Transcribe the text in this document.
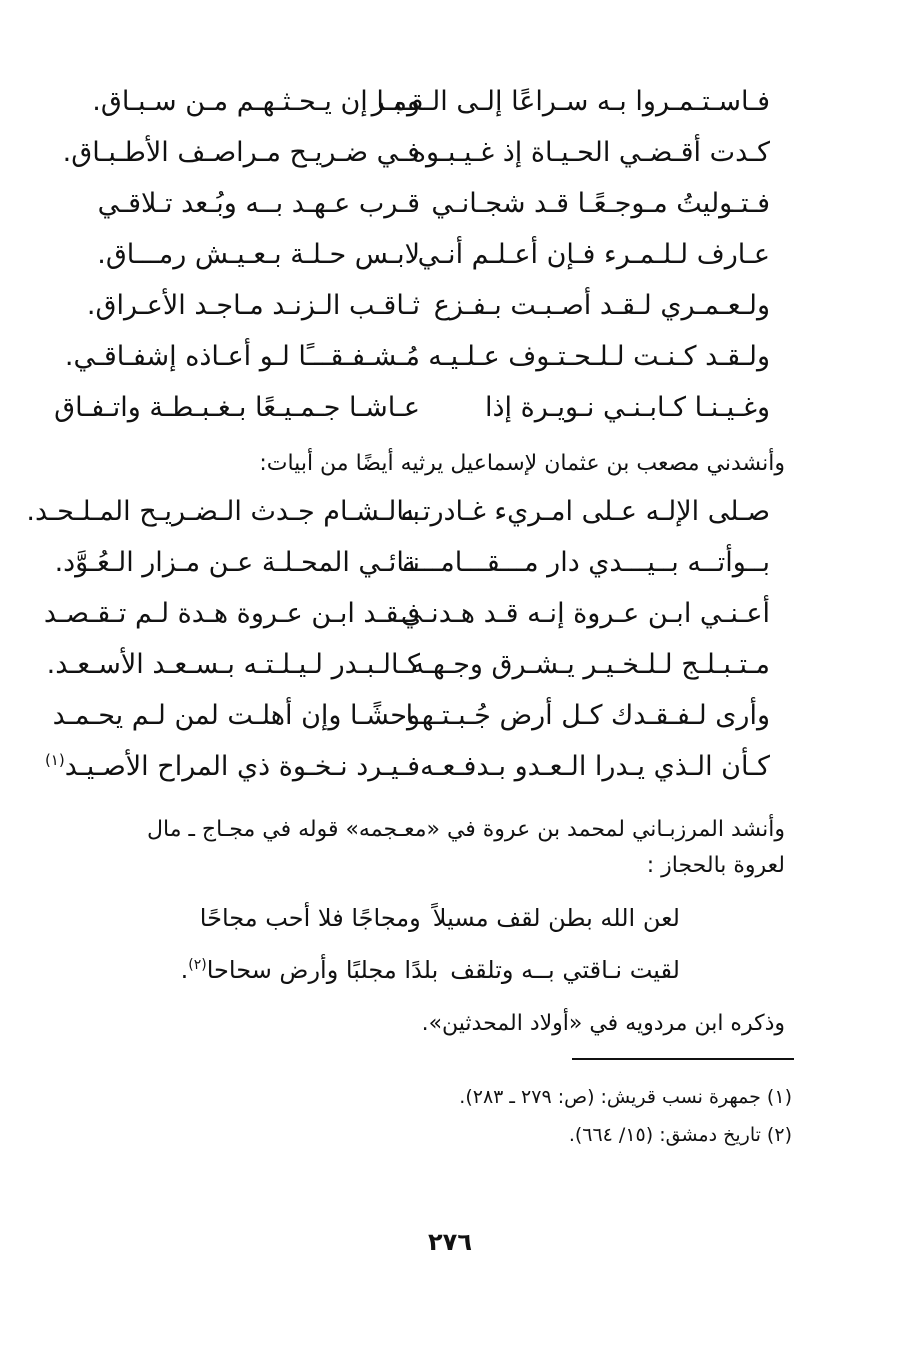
فـاسـتـمـروا بـه سـراعًا إلـى الـقـبـر
ومـا إن يـحـثـهـم مـن سـبـاق.
كـدت أقـضـي الحـيـاة إذ غـيـبـوه
فـي ضـريـح مـراصـف الأطـبـاق.
فـتـوليتُ مـوجـعًـا قـد شجـانـي
قـرب عـهـد بــه وبُـعد تـلاقـي
عـارف لـلـمـرء فـإن أعـلـم أنـي
لابـس حـلـة بـعـيـش رمـــاق.
ولـعـمـري لـقـد أصـبـت بـفـزع
ثـاقـب الـزنـد مـاجـد الأعـراق.
ولـقـد كـنـت لـلـحـتـوف عـلـيـه
مُـشـفـقـــًا لـو أعـاذه إشفـاقـي.
وغـيـنـا كـابـنـي نـويـرة إذا
عـاشـا جـمـيـعًا بـغـبـطـة واتـفـاق
وأنشدني مصعب بن عثمان لإسماعيل يرثيه أيضًا من أبيات:
صـلى الإلـه عـلى امـريء غـادرتـه
بـالـشـام جـدث الـضـريـح المـلـحـد.
بــوأتــه بــيـــدي دار مـــقـــامـــة
نـائـي المحـلـة عـن مـزار الـعُـوَّد.
أعـنـي ابـن عـروة إنـه قـد هـدنـي
فـقـد ابـن عـروة هـدة لـم تـقـصـد
مـتـبـلـج لـلـخـيـر يـشـرق وجـهـه
كـالـبـدر لـيـلـتـه بـسـعـد الأسـعـد.
وأرى لـفـقـدك كـل أرض جُـبـتـهـا
وحشًـا وإن أهلـت لمن لـم يحـمـد
كـأن الـذي يـدرا الـعـدو بـدفـعـه
فـيـرد نـخـوة ذي المراح الأصـيـد$^{(١)}$
وأنشد المرزبـاني لمحمد بن عروة في «معـجمه» قوله في مجـاج ـ مال لعروة بالحجاز :
لعن الله بطن لقف مسيلاً
ومجاجًا فلا أحب مجاحًا
لقيت نـاقتي بــه وتلقف
بلدًا مجلبًا وأرض سحاحا$^{(٢)}$.
وذكره ابن مردويه في «أولاد المحدثين».
(١) جمهرة نسب قريش: (ص: ٢٧٩ ـ ٢٨٣).
(٢) تاريخ دمشق: (١٥/ ٦٦٤).
٢٧٦
